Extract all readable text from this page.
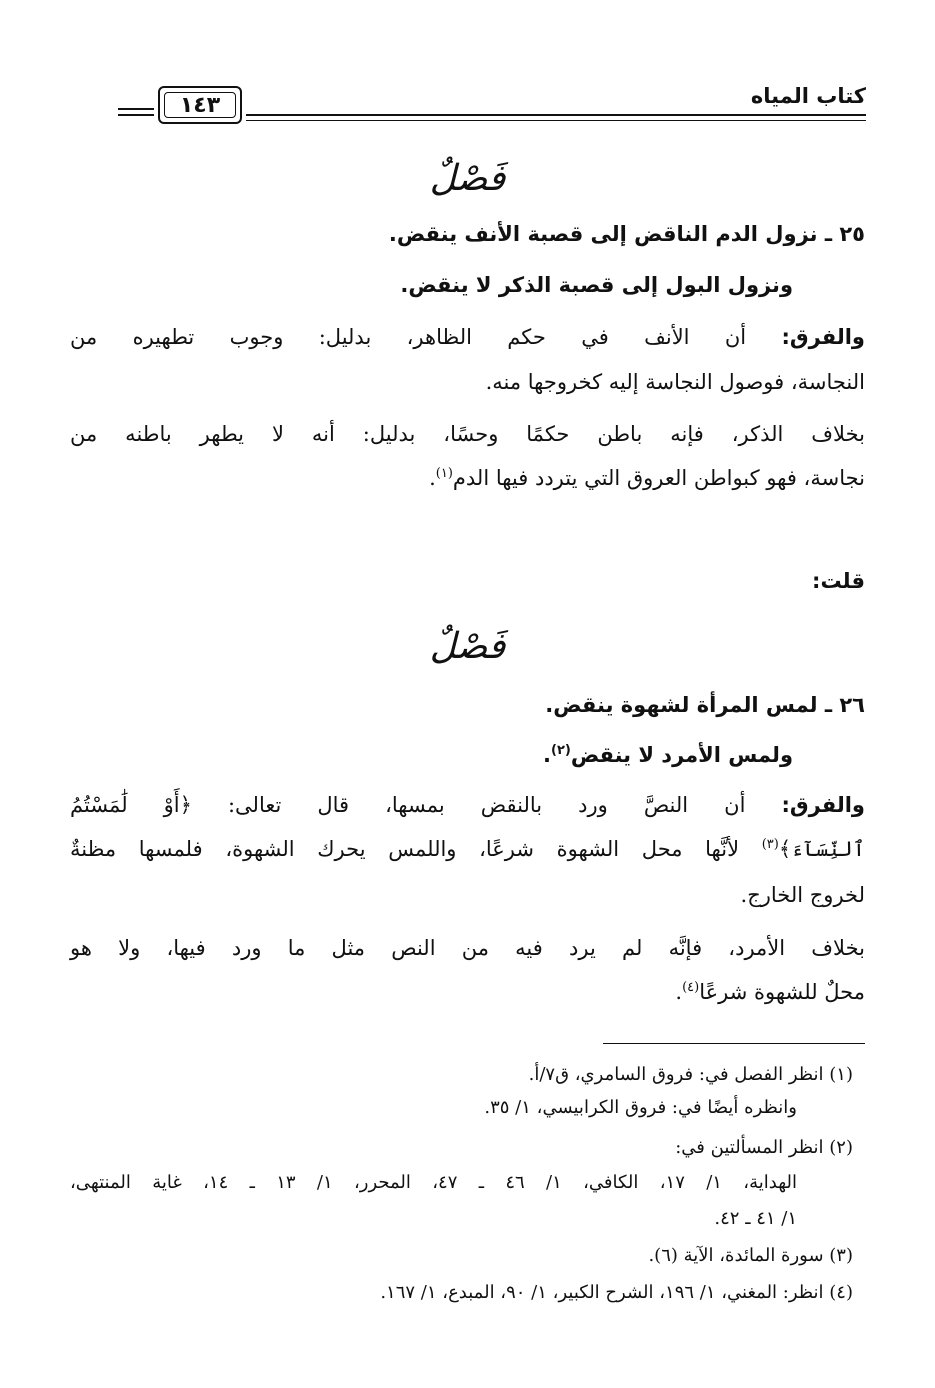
كتاب المياه
١٤٣
فَصْلٌ
٢٥ ـ نزول الدم الناقض إلى قصبة الأنف ينقض.
ونزول البول إلى قصبة الذكر لا ينقض.
والفرق: أن الأنف في حكم الظاهر، بدليل: وجوب تطهيره من
النجاسة، فوصول النجاسة إليه كخروجها منه.
بخلاف الذكر، فإنه باطن حكمًا وحسًا، بدليل: أنه لا يطهر باطنه من
نجاسة، فهو كبواطن العروق التي يتردد فيها الدم$^{(١)}$.
قلت:
فَصْلٌ
٢٦ ـ لمس المرأة لشهوة ينقض.
ولمس الأمرد لا ينقض$^{(٢)}$.
والفرق: أن النصَّ ورد بالنقض بمسها، قال تعالى: ﴿أَوْ لَٰمَسْتُمُ
ٱلنِّسَآءَ﴾$^{(٣)}$ لأنَّها محل الشهوة شرعًا، واللمس يحرك الشهوة، فلمسها مظنةٌ
لخروج الخارج.
بخلاف الأمرد، فإنَّه لم يرد فيه من النص مثل ما ورد فيها، ولا هو
محلٌ للشهوة شرعًا$^{(٤)}$.
(١) انظر الفصل في: فروق السامري، ق٧/أ.
وانظره أيضًا في: فروق الكرابيسي، ١/ ٣٥.
(٢) انظر المسألتين في:
الهداية، ١/ ١٧، الكافي، ١/ ٤٦ ـ ٤٧، المحرر، ١/ ١٣ ـ ١٤، غاية المنتهى،
١/ ٤١ ـ ٤٢.
(٣) سورة المائدة، الآية (٦).
(٤) انظر: المغني، ١/ ١٩٦، الشرح الكبير، ١/ ٩٠، المبدع، ١/ ١٦٧.
